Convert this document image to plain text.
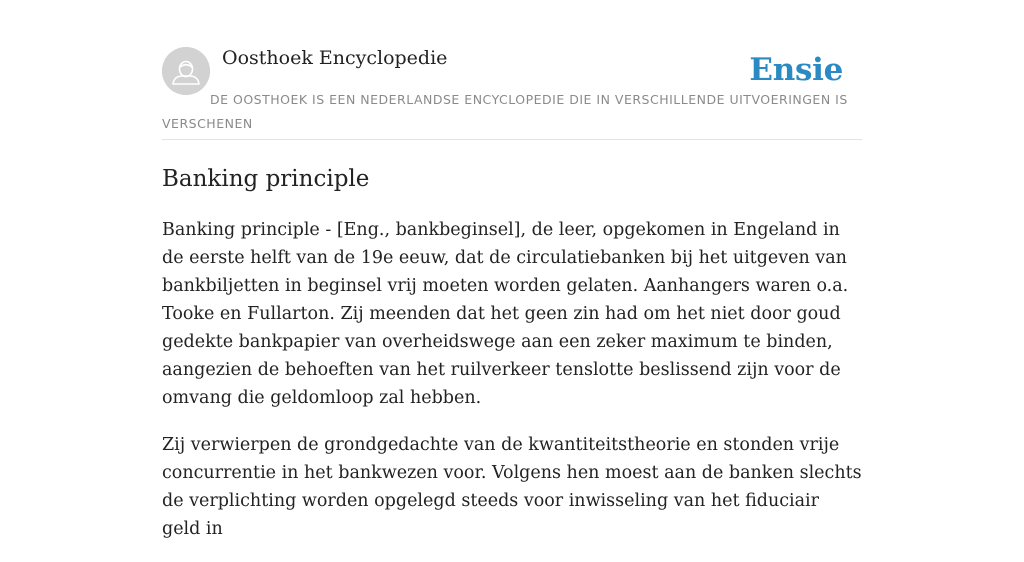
Oosthoek Encyclopedie	Ensie
DE OOSTHOEK IS EEN NEDERLANDSE ENCYCLOPEDIE DIE IN VERSCHILLENDE UITVOERINGEN IS VERSCHENEN
Banking principle

Banking principle - [Eng., bankbeginsel], de leer, opgekomen in Engeland in de eerste helft van de 19e eeuw, dat de circulatiebanken bij het uitgeven van bankbiljetten in beginsel vrij moeten worden gelaten. Aanhangers waren o.a. Tooke en Fullarton. Zij meenden dat het geen zin had om het niet door goud gedekte bankpapier van overheidswege aan een zeker maximum te binden, aangezien de behoeften van het ruilverkeer tenslotte beslissend zijn voor de omvang die geldomloop zal hebben.

Zij verwierpen de grondgedachte van de kwantiteitstheorie en stonden vrije concurrentie in het bankwezen voor. Volgens hen moest aan de banken slechts de verplichting worden opgelegd steeds voor inwisseling van het fiduciair geld in
